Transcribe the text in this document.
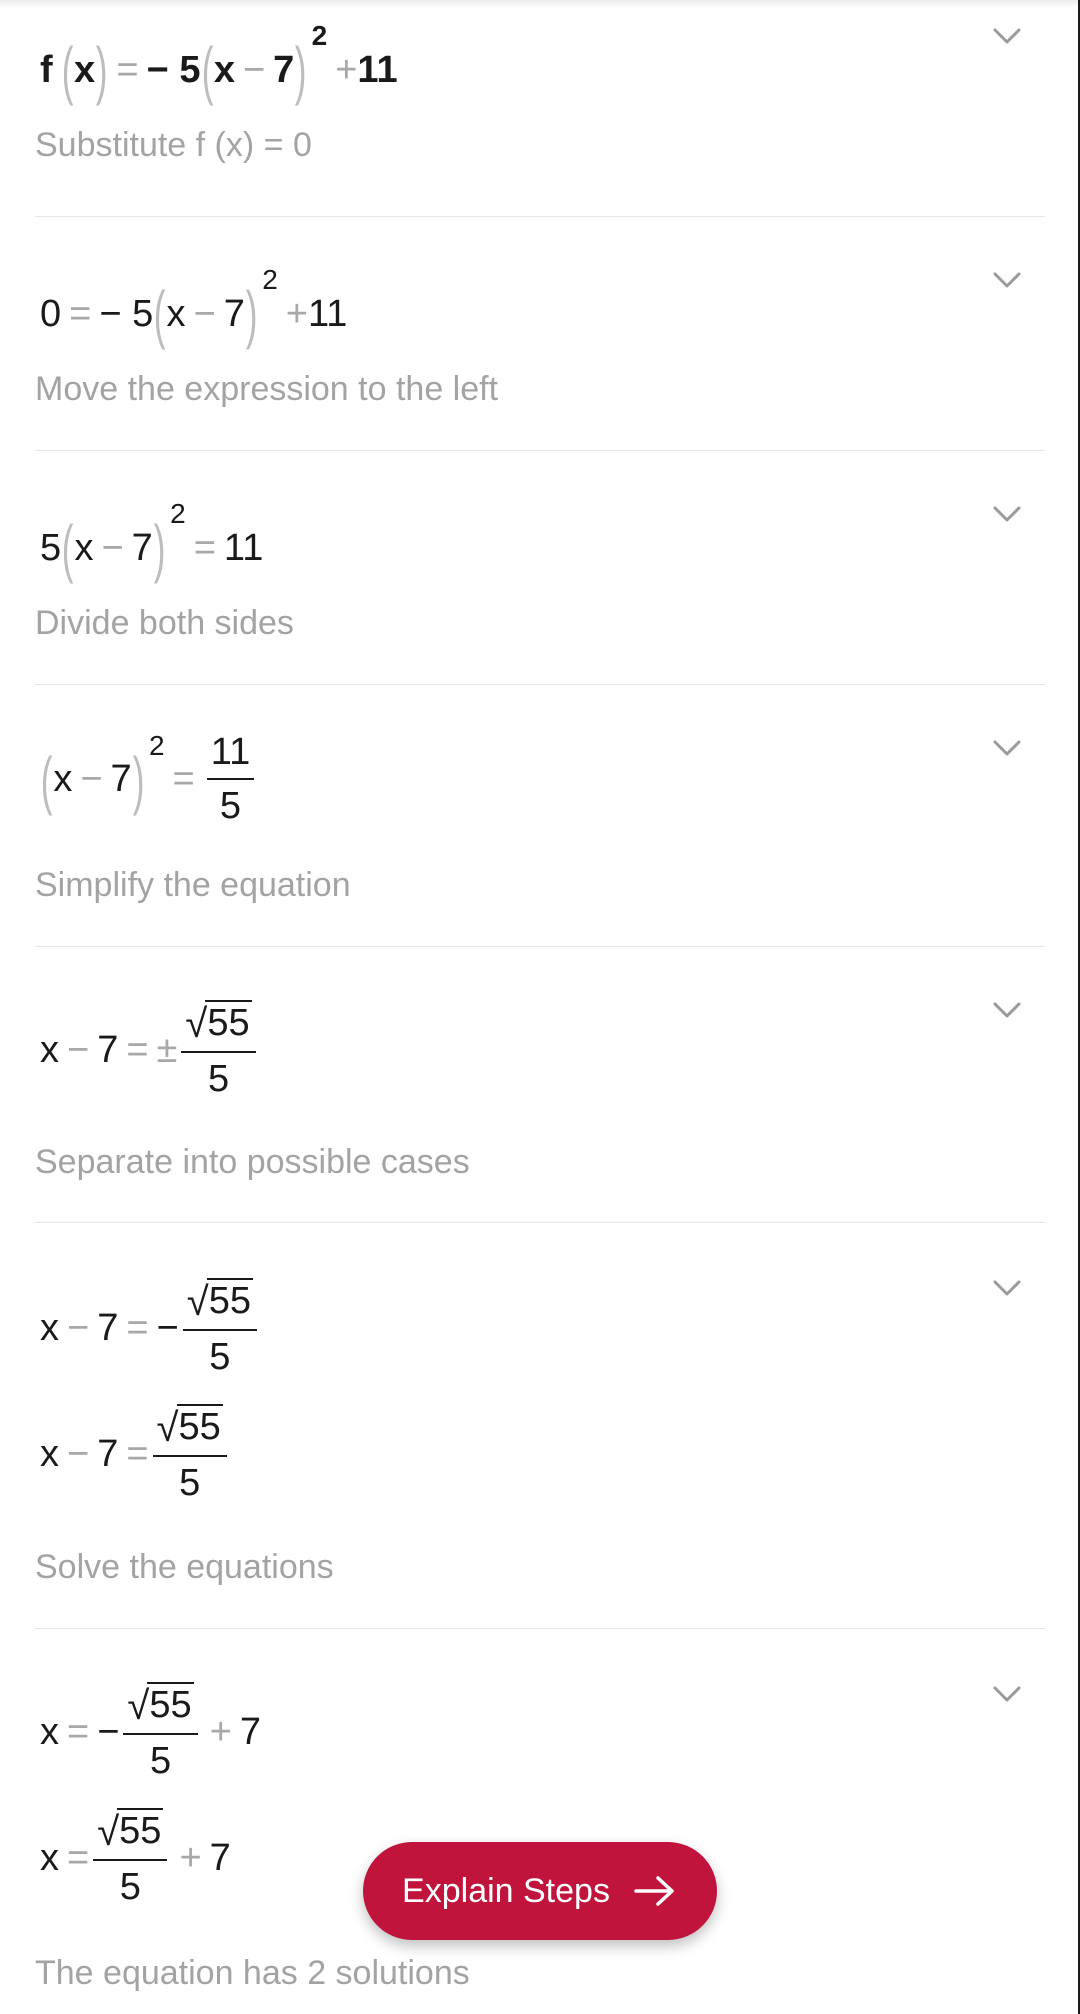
f ( x ) = − 5 ( x − 7 ) 2
+ 11
Substitute f (x) = 0
0 = − 5 ( x − 7 ) 2
+ 11
Move the expression to the left
5 ( x − 7 ) 2
= 11
Divide both sides
( x − 7 ) 2
= $\frac{11}{5}$
Simplify the equation
x − 7 = ± $\frac{√ 55}{5}$
Separate into possible cases
x − 7 = − $\frac{√ 55}{5}$
$x - 7 = \frac{√ 55}{5}$
Solve the equations
x = − $\frac{√ 55}{5} + 7$
$x = \frac{√ 55}{5} + 7$
The equation has 2 solutions
Explain Steps
